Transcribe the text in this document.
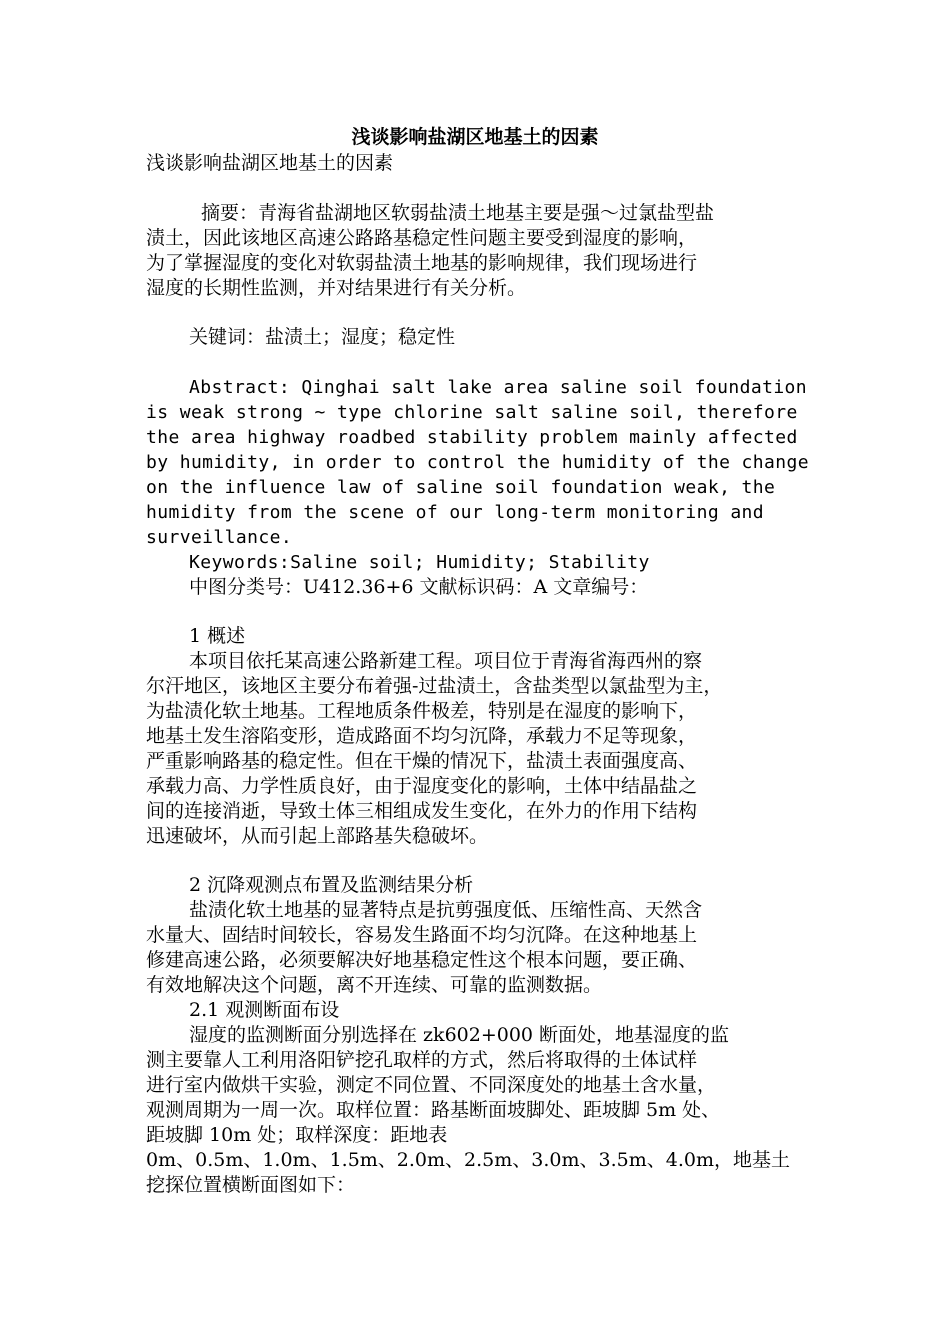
浅谈影响盐湖区地基土的因素
浅谈影响盐湖区地基土的因素
摘要：青海省盐湖地区软弱盐渍土地基主要是强～过氯盐型盐
渍土，因此该地区高速公路路基稳定性问题主要受到湿度的影响，
为了掌握湿度的变化对软弱盐渍土地基的影响规律，我们现场进行
湿度的长期性监测，并对结果进行有关分析。
关键词：盐渍土；湿度；稳定性
Abstract: Qinghai salt lake area saline soil foundation
is weak strong ~ type chlorine salt saline soil, therefore
the area highway roadbed stability problem mainly affected
by humidity, in order to control the humidity of the change
on the influence law of saline soil foundation weak, the
humidity from the scene of our long-term monitoring and
surveillance.
Keywords:Saline soil; Humidity; Stability
中图分类号：U412.36+6 文献标识码：A 文章编号：
1 概述
本项目依托某高速公路新建工程。项目位于青海省海西州的察
尔汗地区，该地区主要分布着强-过盐渍土，含盐类型以氯盐型为主，
为盐渍化软土地基。工程地质条件极差，特别是在湿度的影响下，
地基土发生溶陷变形，造成路面不均匀沉降，承载力不足等现象，
严重影响路基的稳定性。但在干燥的情况下，盐渍土表面强度高、
承载力高、力学性质良好，由于湿度变化的影响，土体中结晶盐之
间的连接消逝，导致土体三相组成发生变化，在外力的作用下结构
迅速破坏，从而引起上部路基失稳破坏。
2 沉降观测点布置及监测结果分析
盐渍化软土地基的显著特点是抗剪强度低、压缩性高、天然含
水量大、固结时间较长，容易发生路面不均匀沉降。在这种地基上
修建高速公路，必须要解决好地基稳定性这个根本问题，要正确、
有效地解决这个问题，离不开连续、可靠的监测数据。
2.1 观测断面布设
湿度的监测断面分别选择在 zk602+000 断面处，地基湿度的监
测主要靠人工利用洛阳铲挖孔取样的方式，然后将取得的土体试样
进行室内做烘干实验，测定不同位置、不同深度处的地基土含水量，
观测周期为一周一次。取样位置：路基断面坡脚处、距坡脚 5m 处、
距坡脚 10m 处；取样深度：距地表
0m、0.5m、1.0m、1.5m、2.0m、2.5m、3.0m、3.5m、4.0m，地基土
挖探位置横断面图如下：
